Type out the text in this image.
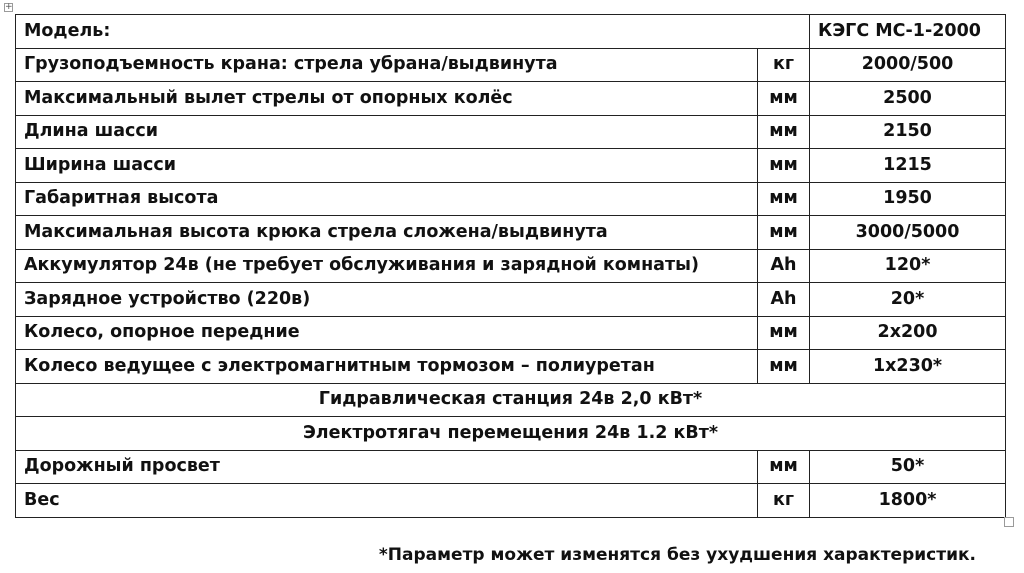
+
Модель:		КЭГС МС-1-2000
Грузоподъемность крана: стрела убрана/выдвинута	кг	2000/500
Максимальный вылет стрелы от опорных колёс	мм	2500
Длина шасси	мм	2150
Ширина шасси	мм	1215
Габаритная высота	мм	1950
Максимальная высота крюка стрела сложена/выдвинута	мм	3000/5000
Аккумулятор 24в (не требует обслуживания и зарядной комнаты)	Ah	120*
Зарядное устройство (220в)	Ah	20*
Колесо, опорное передние	мм	2х200
Колесо ведущее с электромагнитным тормозом – полиуретан	мм	1х230*
Гидравлическая станция 24в 2,0 кВт*		
Электротягач перемещения 24в 1.2 кВт*		
Дорожный просвет	мм	50*
Вес	кг	1800*
*Параметр может изменятся без ухудшения характеристик.
